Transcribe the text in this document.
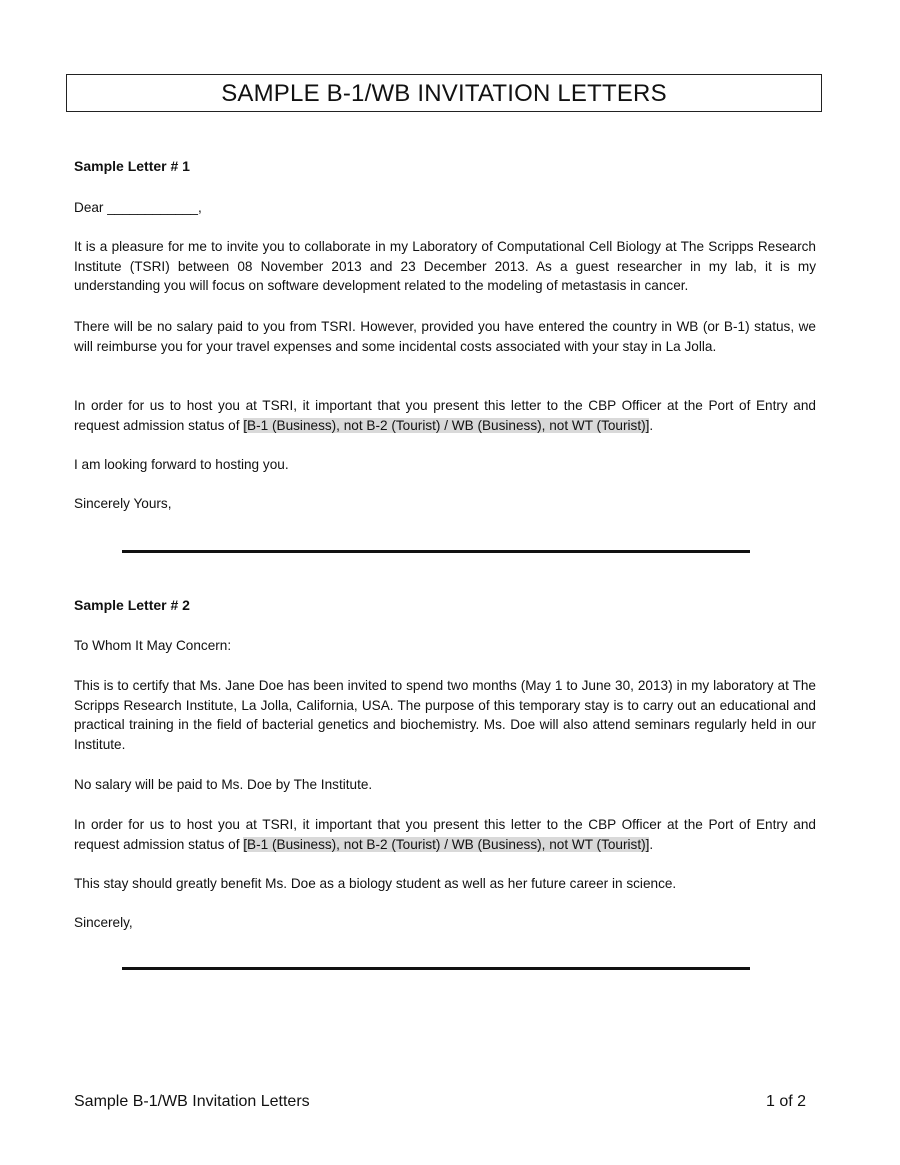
SAMPLE B-1/WB INVITATION LETTERS
Sample Letter # 1
Dear ____________,

It is a pleasure for me to invite you to collaborate in my Laboratory of Computational Cell Biology at The Scripps Research Institute (TSRI) between 08 November 2013 and 23 December 2013. As a guest researcher in my lab, it is my understanding you will focus on software development related to the modeling of metastasis in cancer.

There will be no salary paid to you from TSRI. However, provided you have entered the country in WB (or B-1) status, we will reimburse you for your travel expenses and some incidental costs associated with your stay in La Jolla.

In order for us to host you at TSRI, it important that you present this letter to the CBP Officer at the Port of Entry and request admission status of [B-1 (Business), not B-2 (Tourist) / WB (Business), not WT (Tourist)].

I am looking forward to hosting you.
Sincerely Yours,
Sample Letter # 2
To Whom It May Concern:

This is to certify that Ms. Jane Doe has been invited to spend two months (May 1 to June 30, 2013) in my laboratory at The Scripps Research Institute, La Jolla, California, USA. The purpose of this temporary stay is to carry out an educational and practical training in the field of bacterial genetics and biochemistry. Ms. Doe will also attend seminars regularly held in our Institute.

No salary will be paid to Ms. Doe by The Institute.

In order for us to host you at TSRI, it important that you present this letter to the CBP Officer at the Port of Entry and request admission status of [B-1 (Business), not B-2 (Tourist) / WB (Business), not WT (Tourist)].

This stay should greatly benefit Ms. Doe as a biology student as well as her future career in science.
Sincerely,
Sample B-1/WB Invitation Letters	1 of 2
